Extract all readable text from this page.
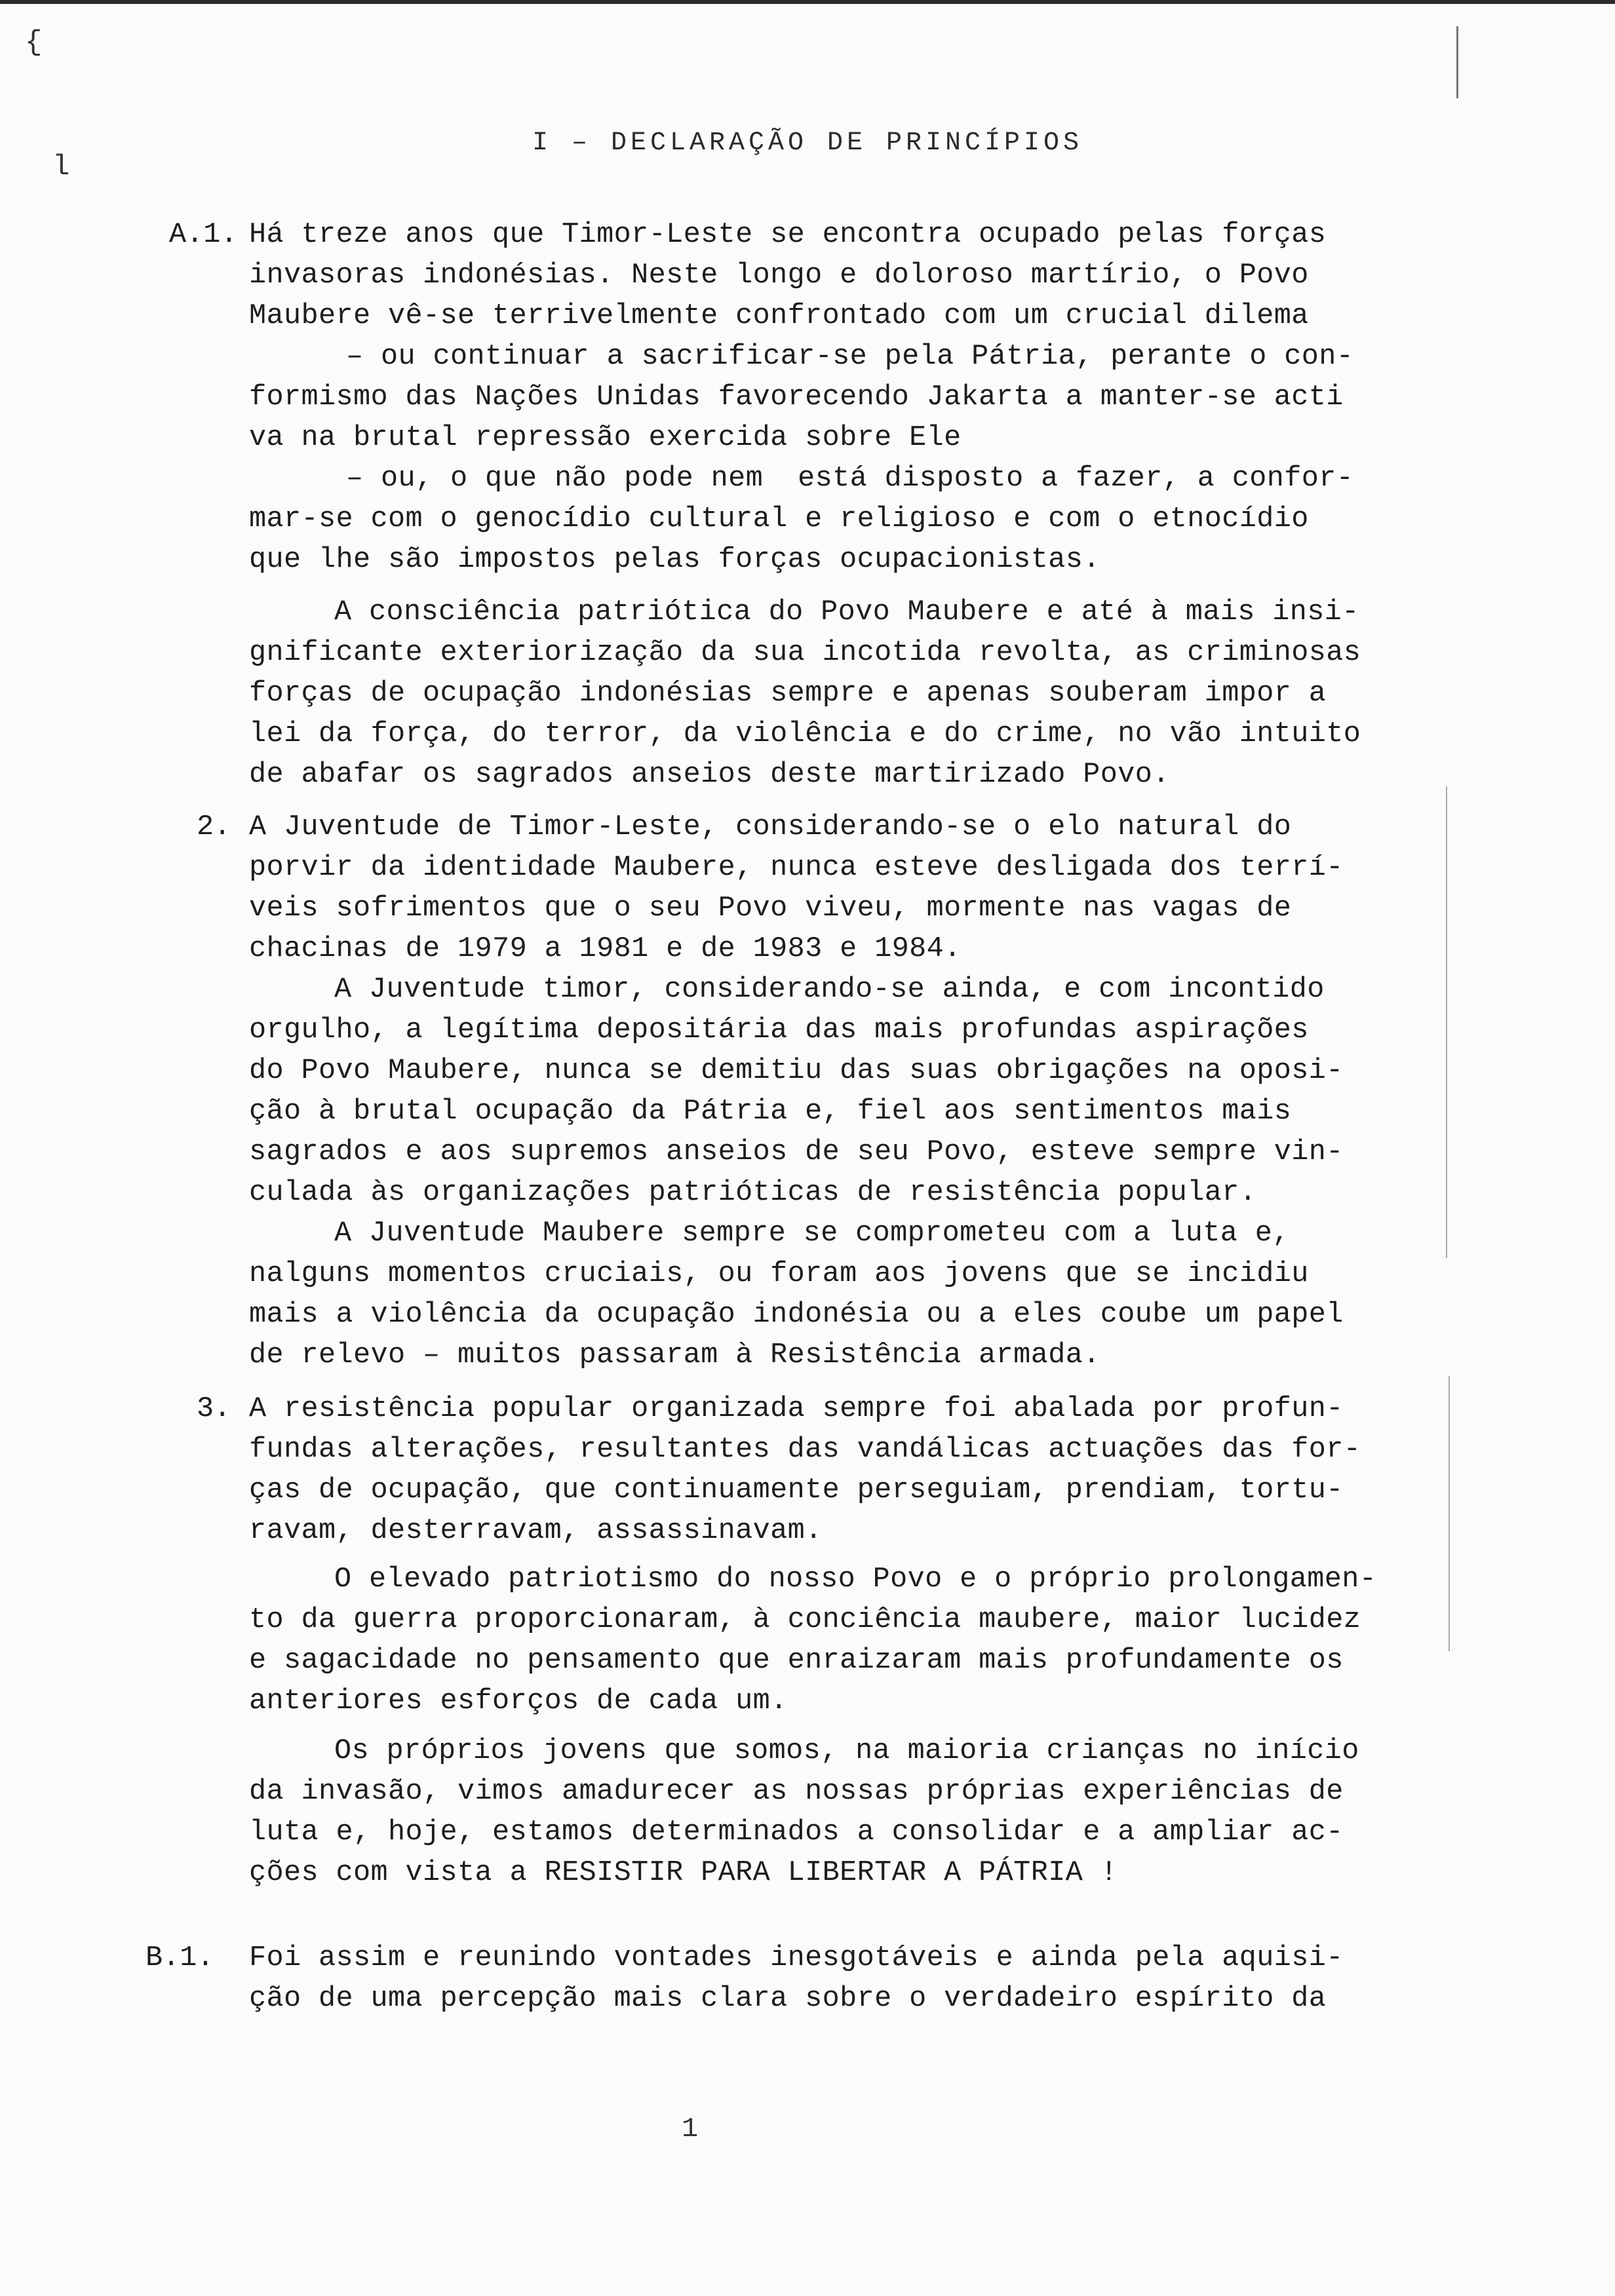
{
l
I – DECLARAÇÃO DE PRINCÍPIOS
A.1. Há treze anos que Timor-Leste se encontra ocupado pelas forças
invasoras indonésias. Neste longo e doloroso martírio, o Povo
Maubere vê-se terrivelmente confrontado com um crucial dilema
– ou continuar a sacrificar-se pela Pátria, perante o con-
formismo das Nações Unidas favorecendo Jakarta a manter-se acti
va na brutal repressão exercida sobre Ele
– ou, o que não pode nem  está disposto a fazer, a confor-
mar-se com o genocídio cultural e religioso e com o etnocídio
que lhe são impostos pelas forças ocupacionistas.
A consciência patriótica do Povo Maubere e até à mais insi-
gnificante exteriorização da sua incotida revolta, as criminosas
forças de ocupação indonésias sempre e apenas souberam impor a
lei da força, do terror, da violência e do crime, no vão intuito
de abafar os sagrados anseios deste martirizado Povo.
2. A Juventude de Timor-Leste, considerando-se o elo natural do
porvir da identidade Maubere, nunca esteve desligada dos terrí-
veis sofrimentos que o seu Povo viveu, mormente nas vagas de
chacinas de 1979 a 1981 e de 1983 e 1984.
A Juventude timor, considerando-se ainda, e com incontido
orgulho, a legítima depositária das mais profundas aspirações
do Povo Maubere, nunca se demitiu das suas obrigações na oposi-
ção à brutal ocupação da Pátria e, fiel aos sentimentos mais
sagrados e aos supremos anseios de seu Povo, esteve sempre vin-
culada às organizações patrióticas de resistência popular.
A Juventude Maubere sempre se comprometeu com a luta e,
nalguns momentos cruciais, ou foram aos jovens que se incidiu
mais a violência da ocupação indonésia ou a eles coube um papel
de relevo – muitos passaram à Resistência armada.
3. A resistência popular organizada sempre foi abalada por profun-
fundas alterações, resultantes das vandálicas actuações das for-
ças de ocupação, que continuamente perseguiam, prendiam, tortu-
ravam, desterravam, assassinavam.
O elevado patriotismo do nosso Povo e o próprio prolongamen-
to da guerra proporcionaram, à conciência maubere, maior lucidez
e sagacidade no pensamento que enraizaram mais profundamente os
anteriores esforços de cada um.
Os próprios jovens que somos, na maioria crianças no início
da invasão, vimos amadurecer as nossas próprias experiências de
luta e, hoje, estamos determinados a consolidar e a ampliar ac-
ções com vista a RESISTIR PARA LIBERTAR A PÁTRIA !
B.1. Foi assim e reunindo vontades inesgotáveis e ainda pela aquisi-
ção de uma percepção mais clara sobre o verdadeiro espírito da
1
